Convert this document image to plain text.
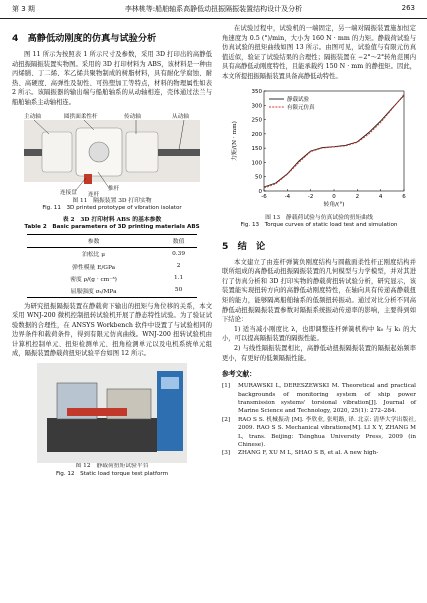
第 3 期	李林桃等:船舶轴系高静低动扭振隔振装置结构设计及分析	263
4　高静低动刚度的仿真与试验分析

图 11 所示为按照表 1 所示尺寸及参数，采用 3D 打印出的高静低动扭振隔振装置实物图。采用的 3D 打印材料为 ABS，该材料是一种由丙烯腈、丁二烯、苯乙烯共聚物制成的树脂材料，具有耐化学腐蚀、耐热、高硬度、高弹性及韧性、可热塑加工等特点，材料的物理属性如表 2 所示。该隔振器的输出端与船舶轴系的从动轴相连，壳体通过法兰与船舶轴系主动轴相连。

主动轴	圆拱面柔性杆	传动轴	从动轴
连接盘
推杆
连杆
图 11　隔振装置 3D 打印实物
Fig. 11　3D printed prototype of vibration isolator
表 2　3D 打印材料 ABS 的基本参数
Table 2　Basic parameters of 3D printing materials ABS
参数	数值
泊松比 μ	0.39
弹性模量 E/GPa	2
密度 ρ/(g · cm⁻³)	1.1
屈服强度 σₛ/MPa	50

为研究扭振隔振装置在静载荷下输出的扭矩与角位移的关系，本文采用 WNJ-200 微机控制扭转试验机开展了静态特性试验。为了验证试验数据的合理性，在 ANSYS Workbench 软件中设置了与试验相同的边界条件和载荷条件，得到有限元仿真曲线。WNJ-200 扭转试验机由计算机控制单元、扭矩检测单元、扭角检测单元以及电机系统单元组成，隔振装置静载荷扭矩试验平台如图 12 所示。

图 12　静载荷扭矩试验平台
Fig. 12　Static load torque test platform

在试验过程中，试验机的一端固定，另一端对隔振装置施加恒定角速度为 0.5 (°)/min，大小为 160 N · mm 的力矩。静载荷试验与仿真试验的扭矩曲线如图 13 所示。由图可见，试验值与有限元仿真值近似，验证了试验结果的合理性；隔振装置在 −2°～2°转角范围内具有高静低动刚度特性，且能承载约 150 N · mm 的静扭矩。因此，本文所提扭振隔振装置具备高静低动特性。

-6	-4	-2	0	2	4	6
0
50
100
150
200
250
300
350
转角/(°)
力矩/(N · mm)
静载试验
有限元仿真
图 13　静载荷试验与仿真试验的扭矩曲线
Fig. 13　Torque curves of static load test and simulation
5　结　论

本文建立了由连杆弹簧负刚度结构与圆截面柔性杆正刚度结构并联所组成的高静低动扭振隔振装置的几何模型与力学模型，并对其进行了仿真分析和 3D 打印实物的静载荷扭转试验分析，研究显示，该装置能实现扭转方向的高静低动刚度特性，在轴向具有传递高静载扭矩的能力，能够隔离船舶轴系的低频扭转振动。通过对比分析不同高静低动扭振隔振装置参数对隔振系统振动传递率的影响，主要得到如下结论：

1) 适当减小刚度比 λ，也即调整连杆弹簧机构中 k₀ 与 k₁ 的大小，可以提高隔振装置的隔振性能。

2) 与线性隔振装置相比，高静低动扭振隔振装置的隔振起始频率更小，有更好的低频隔振性能。

参考文献：
[1]	MURAWSKI L, DERESZEWSKI M. Theoretical and practical backgrounds of monitoring system of ship power transmission systems' torsional vibration[J]. Journal of Marine Science and Technology, 2020, 25(1): 272–284.
[2]	RAO S S. 机械振动 [M]. 李欣业, 张明路, 译. 北京: 清华大学出版社, 2009. RAO S S. Mechanical vibrations[M]. LI X Y, ZHANG M L, trans. Beijing: Tsinghua University Press, 2009 (in Chinese).
[3]	ZHANG F, XU M L, SHAO S B, et al. A new high-
